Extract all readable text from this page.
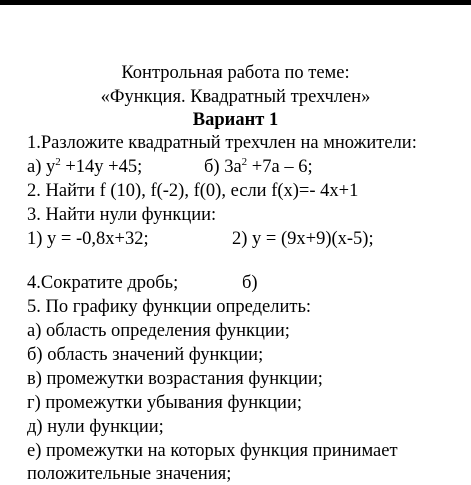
Контрольная работа по теме:
«Функция. Квадратный трехчлен»
Вариант 1
1.Разложите квадратный трехчлен на множители:
а) $у^2 +14у +45$;	б) $3а^2 +7а - 6$;
2. Найти f (10), f(-2), f(0), если f(x)=- 4x+1
3. Найти нули функции:
1) у = -0,8х+32;	2) у = (9х+9)(х-5);
4.Сократите дробь;	б)
5. По графику функции определить:
а) область определения функции;
б) область значений функции;
в) промежутки возрастания функции;
г) промежутки убывания функции;
д) нули функции;
е) промежутки на которых функция принимает
положительные значения;
